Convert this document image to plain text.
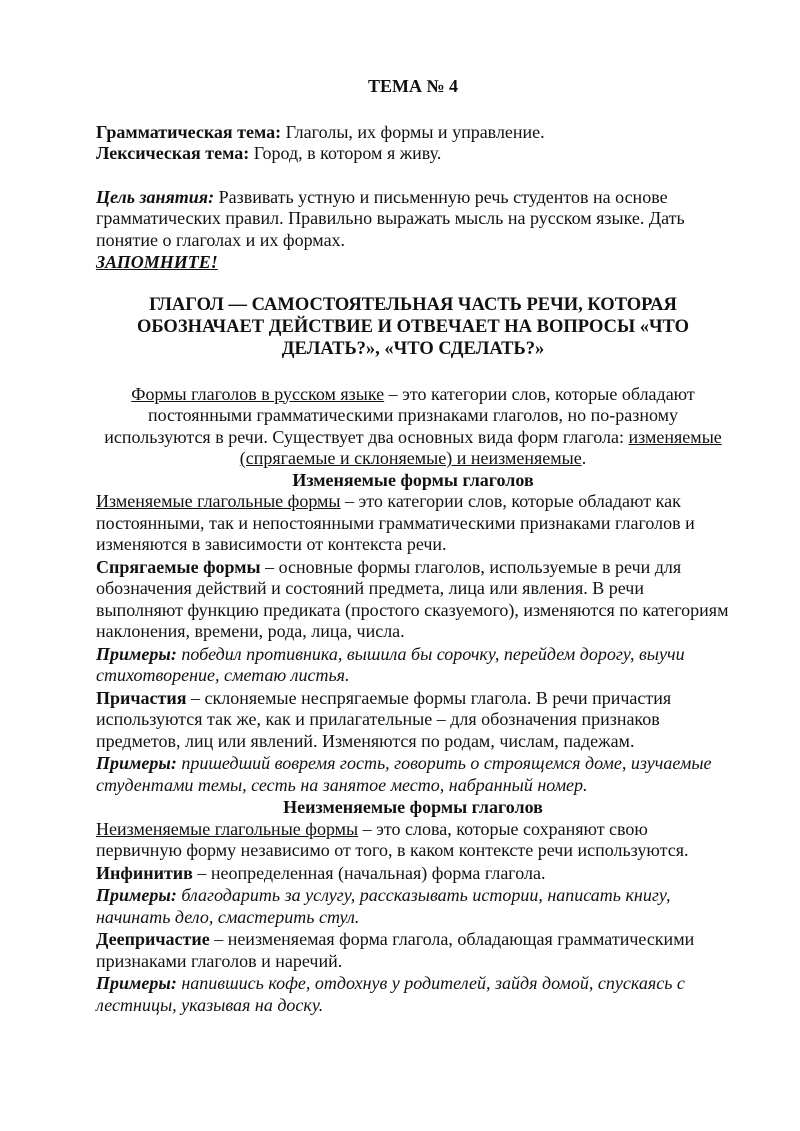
ТЕМА № 4

Грамматическая тема: Глаголы, их формы и управление.

Лексическая тема: Город, в котором я живу.

Цель занятия: Развивать устную и письменную речь студентов на основе грамматических правил. Правильно выражать мысль на русском языке. Дать понятие о глаголах и их формах.

ЗАПОМНИТЕ!

ГЛАГОЛ — САМОСТОЯТЕЛЬНАЯ ЧАСТЬ РЕЧИ, КОТОРАЯ ОБОЗНАЧАЕТ ДЕЙСТВИЕ И ОТВЕЧАЕТ НА ВОПРОСЫ «ЧТО ДЕЛАТЬ?», «ЧТО СДЕЛАТЬ?»

Формы глаголов в русском языке – это категории слов, которые обладают постоянными грамматическими признаками глаголов, но по-разному используются в речи. Существует два основных вида форм глагола: изменяемые (спрягаемые и склоняемые) и неизменяемые.

Изменяемые формы глаголов

Изменяемые глагольные формы – это категории слов, которые обладают как постоянными, так и непостоянными грамматическими признаками глаголов и изменяются в зависимости от контекста речи.

Спрягаемые формы – основные формы глаголов, используемые в речи для обозначения действий и состояний предмета, лица или явления. В речи выполняют функцию предиката (простого сказуемого), изменяются по категориям наклонения, времени, рода, лица, числа.

Примеры: победил противника, вышила бы сорочку, перейдем дорогу, выучи стихотворение, сметаю листья.

Причастия – склоняемые неспрягаемые формы глагола. В речи причастия используются так же, как и прилагательные – для обозначения признаков предметов, лиц или явлений. Изменяются по родам, числам, падежам.

Примеры: пришедший вовремя гость, говорить о строящемся доме, изучаемые студентами темы, сесть на занятое место, набранный номер.

Неизменяемые формы глаголов

Неизменяемые глагольные формы – это слова, которые сохраняют свою первичную форму независимо от того, в каком контексте речи используются.

Инфинитив – неопределенная (начальная) форма глагола.

Примеры: благодарить за услугу, рассказывать истории, написать книгу, начинать дело, смастерить стул.

Деепричастие – неизменяемая форма глагола, обладающая грамматическими признаками глаголов и наречий.

Примеры: напившись кофе, отдохнув у родителей, зайдя домой, спускаясь с лестницы, указывая на доску.
